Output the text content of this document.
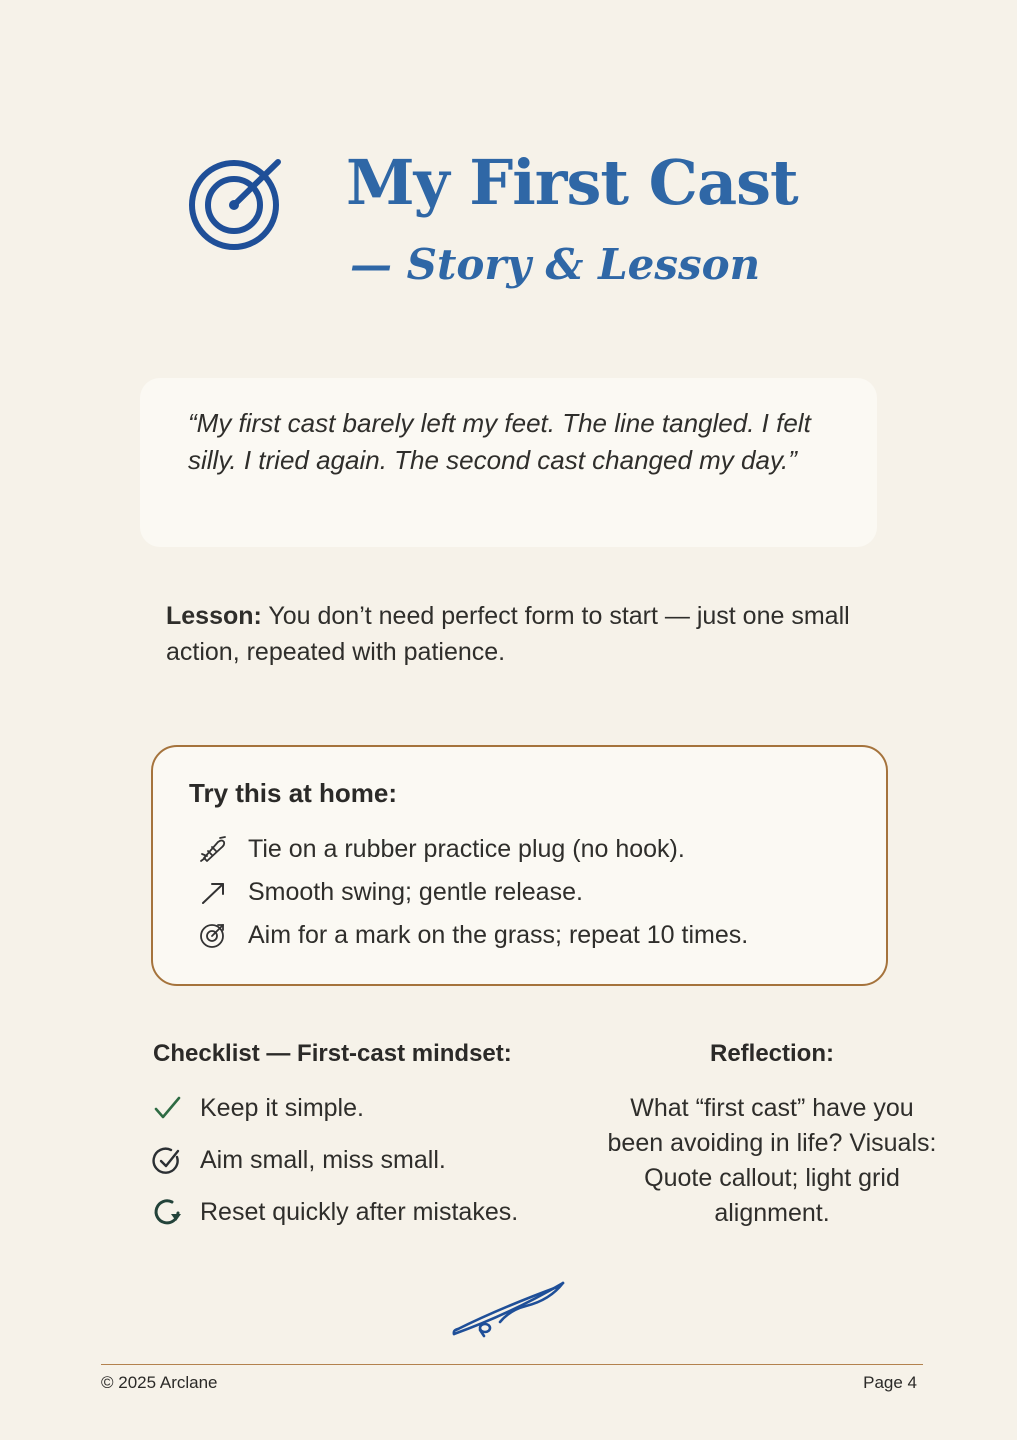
My First Cast
— Story & Lesson

“My first cast barely left my feet. The line tangled. I felt silly. I tried again. The second cast changed my day.”

Lesson: You don’t need perfect form to start — just one small action, repeated with patience.

Try this at home:
Tie on a rubber practice plug (no hook).
Smooth swing; gentle release.
Aim for a mark on the grass; repeat 10 times.
Checklist — First-cast mindset:
Keep it simple.
Aim small, miss small.
Reset quickly after mistakes.
Reflection:

What “first cast” have you been avoiding in life? Visuals: Quote callout; light grid alignment.

© 2025 Arclane	Page 4
